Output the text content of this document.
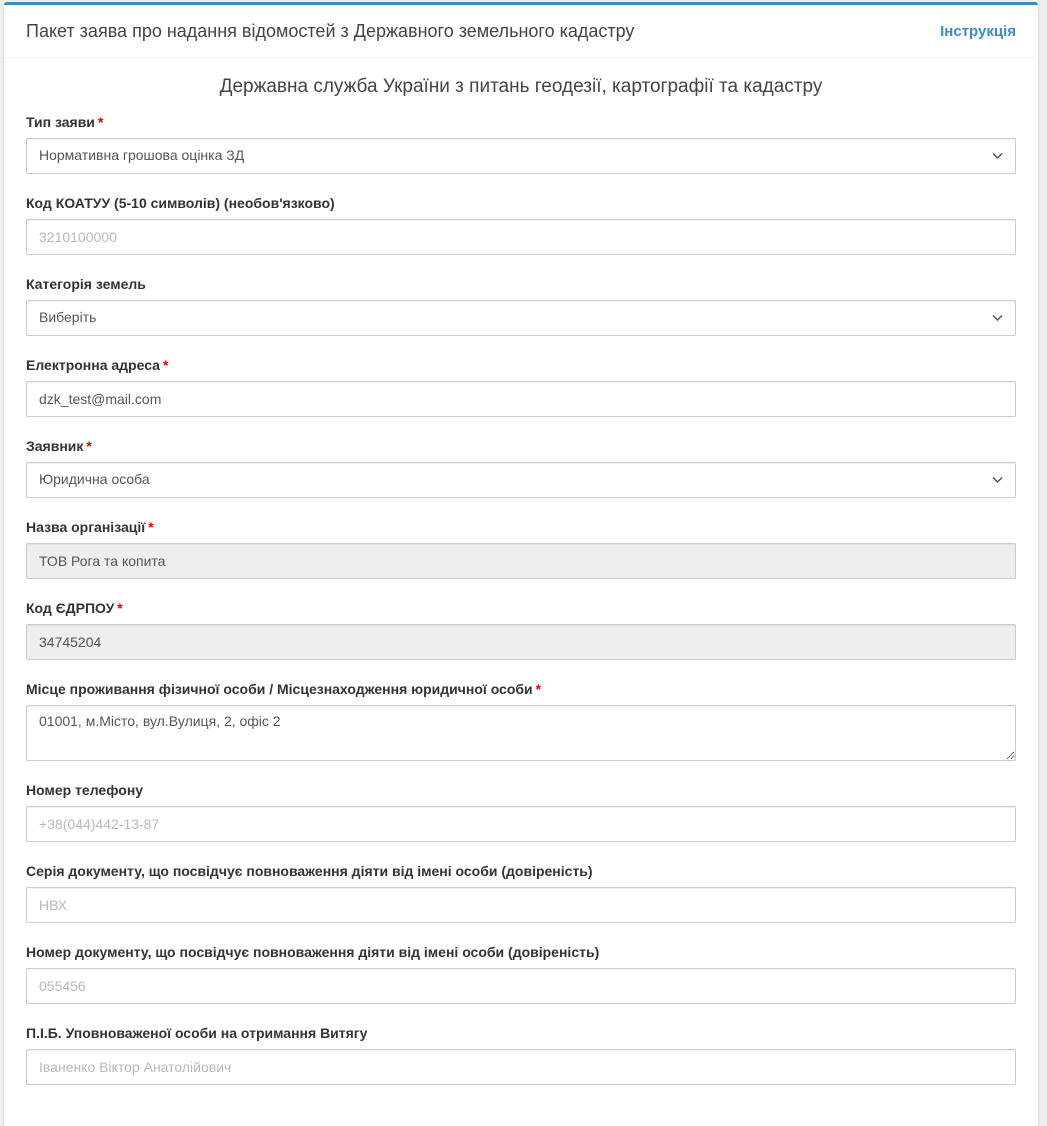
Пакет заява про надання відомостей з Державного земельного кадастру	Інструкція
Державна служба України з питань геодезії, картографії та кадастру
Тип заяви *
Нормативна грошова оцінка ЗД
Код КОАТУУ (5-10 символів) (необов'язково)
3210100000
Категорія земель
Виберіть
Електронна адреса *
dzk_test@mail.com
Заявник *
Юридична особа
Назва організації *
ТОВ Рога та копита
Код ЄДРПОУ *
34745204
Місце проживання фізичної особи / Місцезнаходження юридичної особи *
01001, м.Місто, вул.Вулиця, 2, офіс 2
Номер телефону
+38(044)442-13-87
Серія документу, що посвідчує повноваження діяти від імені особи (довіреність)
НВХ
Номер документу, що посвідчує повноваження діяти від імені особи (довіреність)
055456
П.І.Б. Уповноваженої особи на отримання Витягу
Іваненко Віктор Анатолійович
